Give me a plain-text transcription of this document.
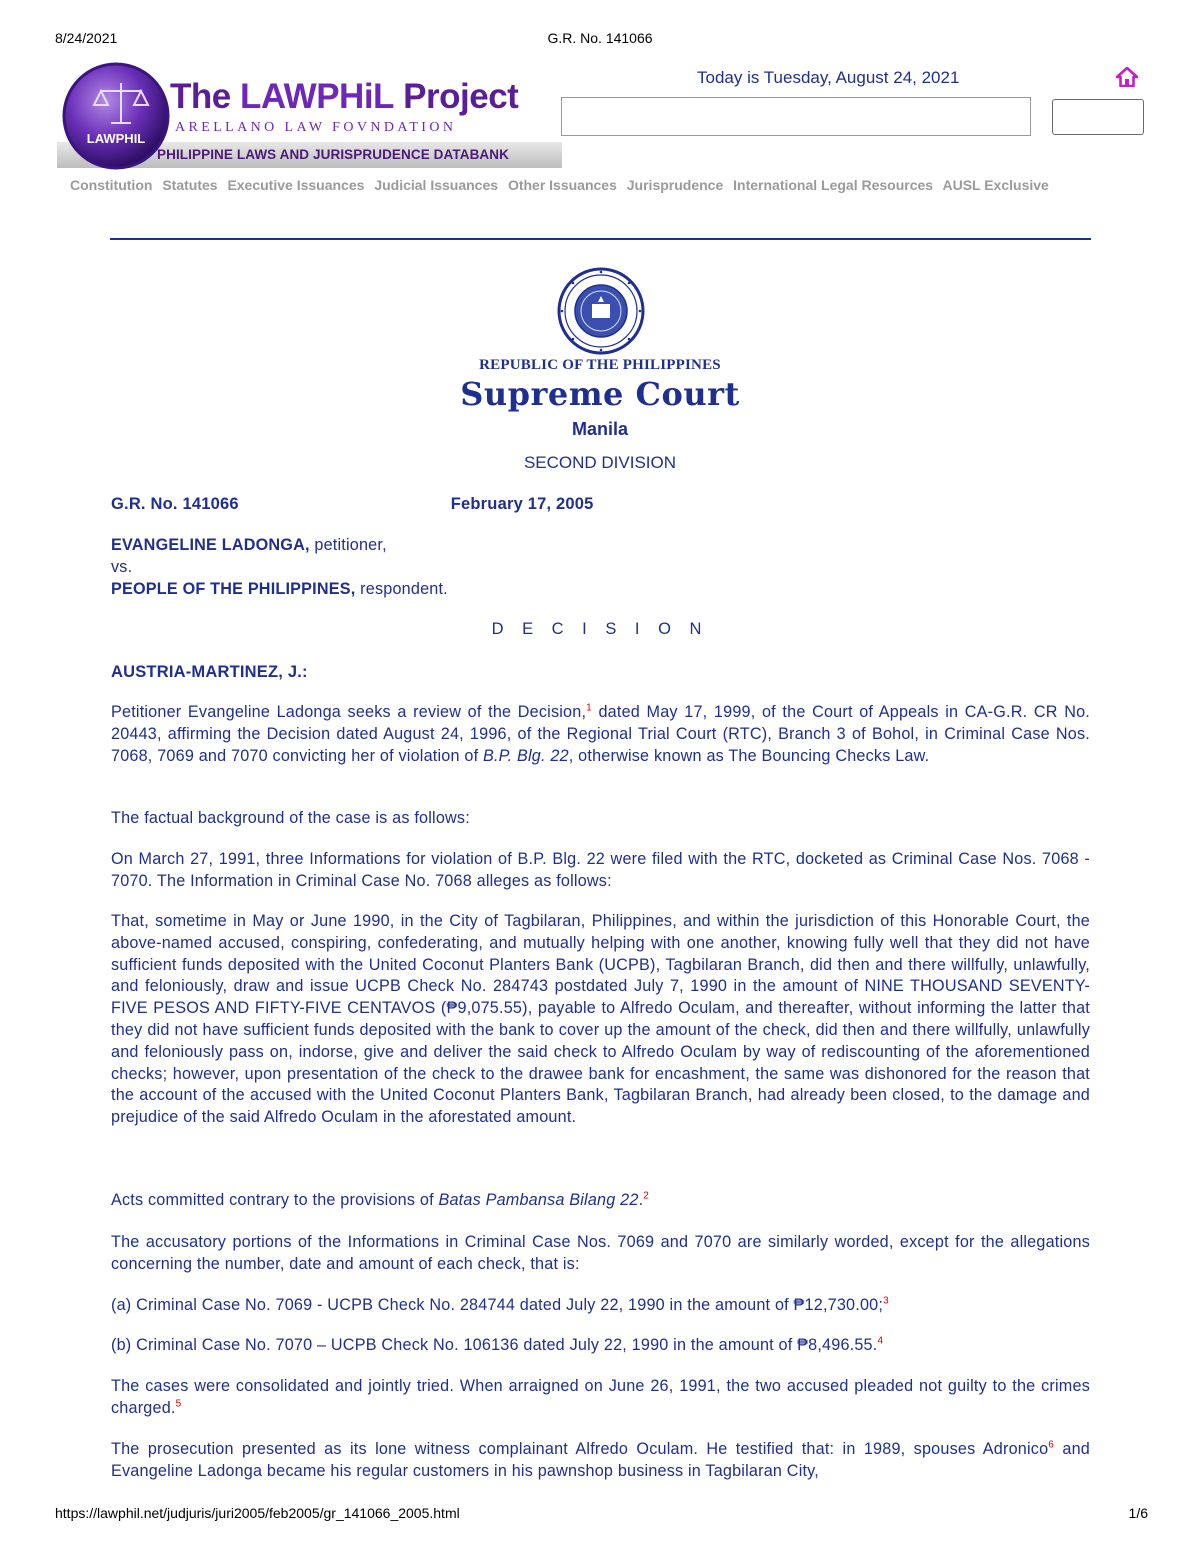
8/24/2021	G.R. No. 141066
https://lawphil.net/judjuris/juri2005/feb2005/gr_141066_2005.html	1/6
PHILIPPINE LAWS AND JURISPRUDENCE DATABANK
LAWPHIL
The LAWPHiL Project
ARELLANO LAW FOVNDATION
Today is Tuesday, August 24, 2021
Constitution Statutes Executive Issuances Judicial Issuances Other Issuances Jurisprudence International Legal Resources AUSL Exclusive
REPUBLIC OF THE PHILIPPINES
Supreme Court
Manila
SECOND DIVISION
G.R. No. 141066	February 17, 2005
EVANGELINE LADONGA, petitioner,
vs.
PEOPLE OF THE PHILIPPINES, respondent.
D E C I S I O N
AUSTRIA-MARTINEZ, J.:
Petitioner Evangeline Ladonga seeks a review of the Decision,$^1$ dated May 17, 1999, of the Court of Appeals in CA-G.R. CR No. 20443, affirming the Decision dated August 24, 1996, of the Regional Trial Court (RTC), Branch 3 of Bohol, in Criminal Case Nos. 7068, 7069 and 7070 convicting her of violation of B.P. Blg. 22, otherwise known as The Bouncing Checks Law.
The factual background of the case is as follows:
On March 27, 1991, three Informations for violation of B.P. Blg. 22 were filed with the RTC, docketed as Criminal Case Nos. 7068 - 7070. The Information in Criminal Case No. 7068 alleges as follows:
That, sometime in May or June 1990, in the City of Tagbilaran, Philippines, and within the jurisdiction of this Honorable Court, the above-named accused, conspiring, confederating, and mutually helping with one another, knowing fully well that they did not have sufficient funds deposited with the United Coconut Planters Bank (UCPB), Tagbilaran Branch, did then and there willfully, unlawfully, and feloniously, draw and issue UCPB Check No. 284743 postdated July 7, 1990 in the amount of NINE THOUSAND SEVENTY-FIVE PESOS AND FIFTY-FIVE CENTAVOS (₱9,075.55), payable to Alfredo Oculam, and thereafter, without informing the latter that they did not have sufficient funds deposited with the bank to cover up the amount of the check, did then and there willfully, unlawfully and feloniously pass on, indorse, give and deliver the said check to Alfredo Oculam by way of rediscounting of the aforementioned checks; however, upon presentation of the check to the drawee bank for encashment, the same was dishonored for the reason that the account of the accused with the United Coconut Planters Bank, Tagbilaran Branch, had already been closed, to the damage and prejudice of the said Alfredo Oculam in the aforestated amount.
Acts committed contrary to the provisions of Batas Pambansa Bilang 22.$^2$
The accusatory portions of the Informations in Criminal Case Nos. 7069 and 7070 are similarly worded, except for the allegations concerning the number, date and amount of each check, that is:
(a) Criminal Case No. 7069 - UCPB Check No. 284744 dated July 22, 1990 in the amount of ₱12,730.00;$^3$
(b) Criminal Case No. 7070 – UCPB Check No. 106136 dated July 22, 1990 in the amount of ₱8,496.55.$^4$
The cases were consolidated and jointly tried. When arraigned on June 26, 1991, the two accused pleaded not guilty to the crimes charged.$^5$
The prosecution presented as its lone witness complainant Alfredo Oculam. He testified that: in 1989, spouses Adronico$^6$ and Evangeline Ladonga became his regular customers in his pawnshop business in Tagbilaran City,
